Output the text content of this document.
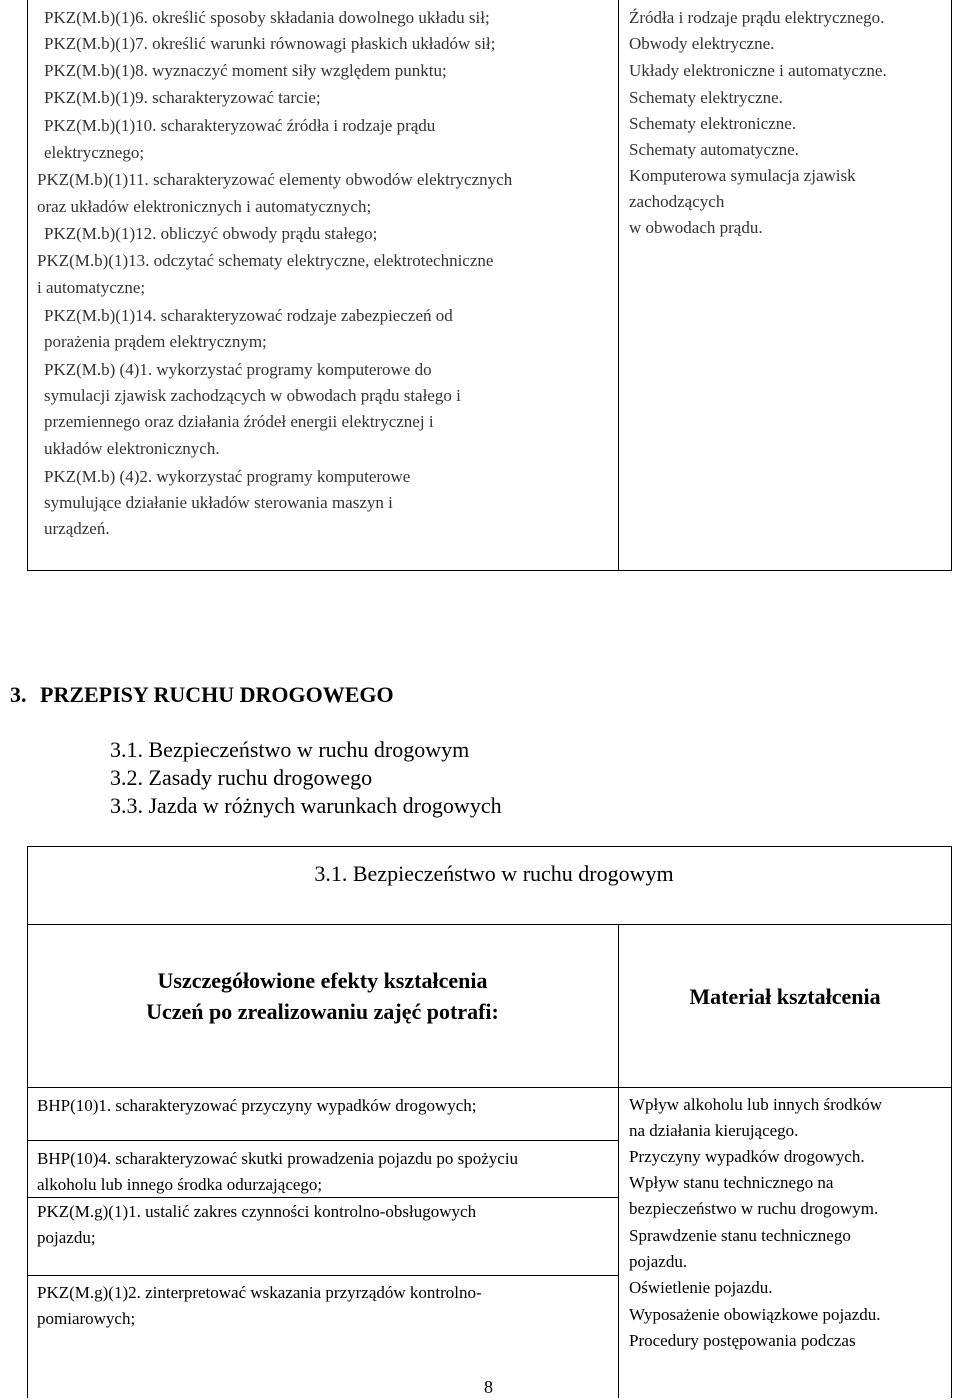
PKZ(M.b)(1)6. określić sposoby składania dowolnego układu sił;
PKZ(M.b)(1)7. określić warunki równowagi płaskich układów sił;
PKZ(M.b)(1)8. wyznaczyć moment siły względem punktu;
PKZ(M.b)(1)9. scharakteryzować tarcie;
PKZ(M.b)(1)10. scharakteryzować źródła i rodzaje prądu
elektrycznego;
PKZ(M.b)(1)11. scharakteryzować elementy obwodów elektrycznych
oraz układów elektronicznych i automatycznych;
PKZ(M.b)(1)12. obliczyć obwody prądu stałego;
PKZ(M.b)(1)13. odczytać schematy elektryczne, elektrotechniczne
i automatyczne;
PKZ(M.b)(1)14. scharakteryzować rodzaje zabezpieczeń od
porażenia prądem elektrycznym;
PKZ(M.b) (4)1. wykorzystać programy komputerowe do
symulacji zjawisk zachodzących w obwodach prądu stałego i
przemiennego oraz działania źródeł energii elektrycznej i
układów elektronicznych.
PKZ(M.b) (4)2. wykorzystać programy komputerowe
symulujące działanie układów sterowania maszyn i
urządzeń.
Źródła i rodzaje prądu elektrycznego.
Obwody elektryczne.
Układy elektroniczne i automatyczne.
Schematy elektryczne.
Schematy elektroniczne.
Schematy automatyczne.
Komputerowa symulacja zjawisk
zachodzących
w obwodach prądu.
3. PRZEPISY RUCHU DROGOWEGO
3.1. Bezpieczeństwo w ruchu drogowym
3.2. Zasady ruchu drogowego
3.3. Jazda w różnych warunkach drogowych
3.1. Bezpieczeństwo w ruchu drogowym
Uszczegółowione efekty kształcenia
Uczeń po zrealizowaniu zajęć potrafi:
Materiał kształcenia
BHP(10)1. scharakteryzować przyczyny wypadków drogowych;
BHP(10)4. scharakteryzować skutki prowadzenia pojazdu po spożyciu
alkoholu lub innego środka odurzającego;
PKZ(M.g)(1)1. ustalić zakres czynności kontrolno-obsługowych
pojazdu;
PKZ(M.g)(1)2. zinterpretować wskazania przyrządów kontrolno-
pomiarowych;
Wpływ alkoholu lub innych środków
na działania kierującego.
Przyczyny wypadków drogowych.
Wpływ stanu technicznego na
bezpieczeństwo w ruchu drogowym.
Sprawdzenie stanu technicznego
pojazdu.
Oświetlenie pojazdu.
Wyposażenie obowiązkowe pojazdu.
Procedury postępowania podczas
8
